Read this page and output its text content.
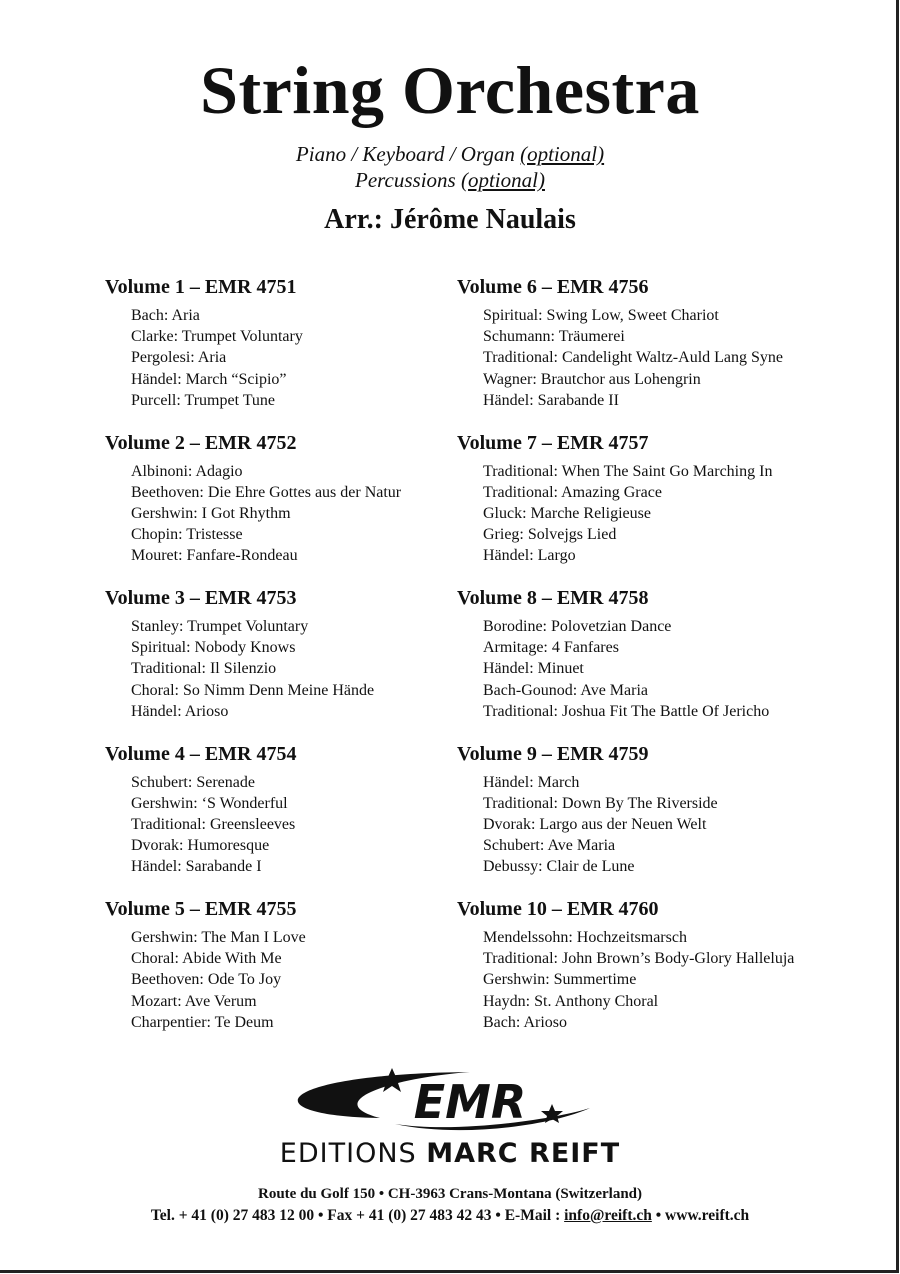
String Orchestra
Piano / Keyboard / Organ (optional)
Percussions (optional)
Arr.: Jérôme Naulais
Volume 1 – EMR 4751
Bach: Aria
Clarke: Trumpet Voluntary
Pergolesi: Aria
Händel: March “Scipio”
Purcell: Trumpet Tune
Volume 2 – EMR 4752
Albinoni: Adagio
Beethoven: Die Ehre Gottes aus der Natur
Gershwin: I Got Rhythm
Chopin: Tristesse
Mouret: Fanfare-Rondeau
Volume 3 – EMR 4753
Stanley: Trumpet Voluntary
Spiritual: Nobody Knows
Traditional: Il Silenzio
Choral: So Nimm Denn Meine Hände
Händel: Arioso
Volume 4 – EMR 4754
Schubert: Serenade
Gershwin: ‘S Wonderful
Traditional: Greensleeves
Dvorak: Humoresque
Händel: Sarabande I
Volume 5 – EMR 4755
Gershwin: The Man I Love
Choral: Abide With Me
Beethoven: Ode To Joy
Mozart: Ave Verum
Charpentier: Te Deum
Volume 6 – EMR 4756
Spiritual: Swing Low, Sweet Chariot
Schumann: Träumerei
Traditional: Candelight Waltz-Auld Lang Syne
Wagner: Brautchor aus Lohengrin
Händel: Sarabande II
Volume 7 – EMR 4757
Traditional: When The Saint Go Marching In
Traditional: Amazing Grace
Gluck: Marche Religieuse
Grieg: Solvejgs Lied
Händel: Largo
Volume 8 – EMR 4758
Borodine: Polovetzian Dance
Armitage: 4 Fanfares
Händel: Minuet
Bach-Gounod: Ave Maria
Traditional: Joshua Fit The Battle Of Jericho
Volume 9 – EMR 4759
Händel: March
Traditional: Down By The Riverside
Dvorak: Largo aus der Neuen Welt
Schubert: Ave Maria
Debussy: Clair de Lune
Volume 10 – EMR 4760
Mendelssohn: Hochzeitsmarsch
Traditional: John Brown’s Body-Glory Halleluja
Gershwin: Summertime
Haydn: St. Anthony Choral
Bach: Arioso
EMR
EDITIONS MARC REIFT
Route du Golf 150 • CH-3963 Crans-Montana (Switzerland)
Tel. + 41 (0) 27 483 12 00 • Fax + 41 (0) 27 483 42 43 • E-Mail : info@reift.ch • www.reift.ch
